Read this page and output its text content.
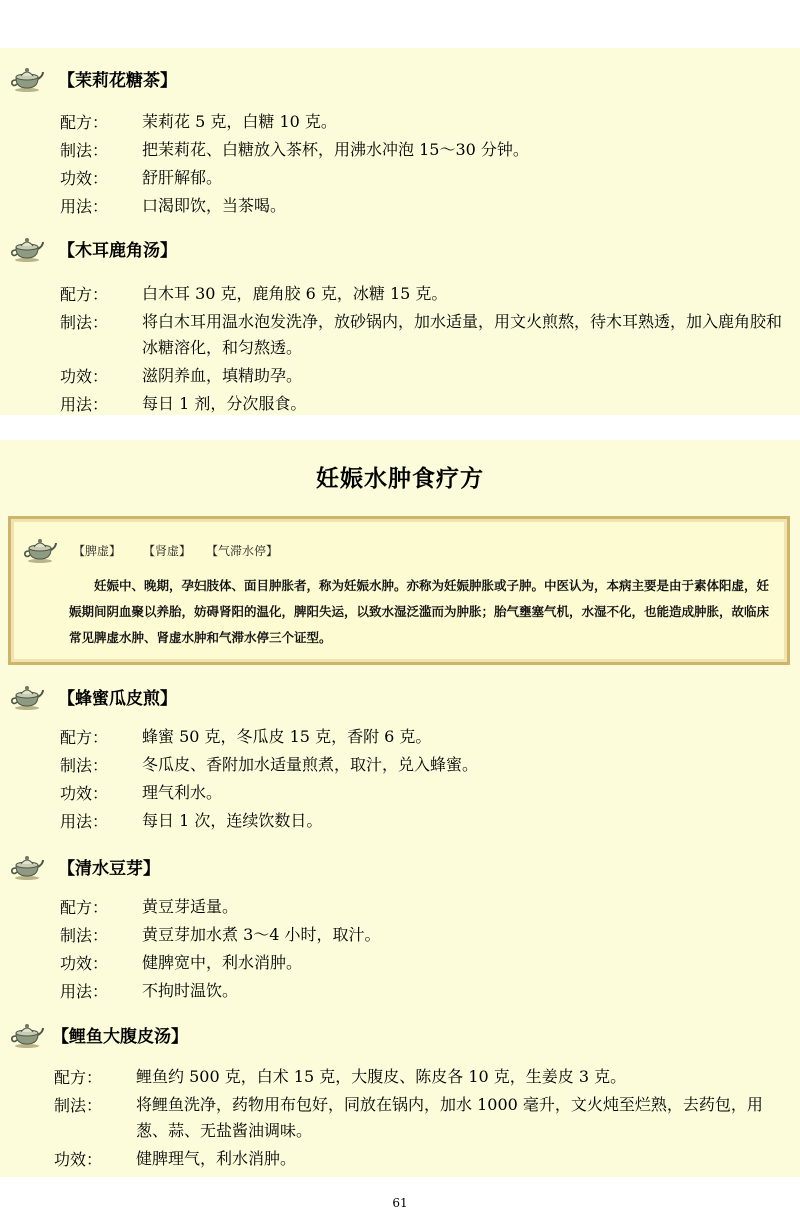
【茉莉花糖茶】
配方： 茉莉花 5 克，白糖 10 克。
制法： 把茉莉花、白糖放入茶杯，用沸水冲泡 15～30 分钟。
功效： 舒肝解郁。
用法： 口渴即饮，当茶喝。
【木耳鹿角汤】
配方： 白木耳 30 克，鹿角胶 6 克，冰糖 15 克。
制法： 将白木耳用温水泡发洗净，放砂锅内，加水适量，用文火煎熬，待木耳熟透，加入鹿角胶和冰糖溶化，和匀熬透。
功效： 滋阴养血，填精助孕。
用法： 每日 1 剂，分次服食。
妊娠水肿食疗方
【脾虚】 【肾虚】 【气滞水停】
妊娠中、晚期，孕妇肢体、面目肿胀者，称为妊娠水肿。亦称为妊娠肿胀或子肿。中医认为，本病主要是由于素体阳虚，妊娠期间阴血聚以养胎，妨碍肾阳的温化，脾阳失运，以致水湿泛滥而为肿胀；胎气壅塞气机，水湿不化，也能造成肿胀，故临床常见脾虚水肿、肾虚水肿和气滞水停三个证型。
【蜂蜜瓜皮煎】
配方： 蜂蜜 50 克，冬瓜皮 15 克，香附 6 克。
制法： 冬瓜皮、香附加水适量煎煮，取汁，兑入蜂蜜。
功效： 理气利水。
用法： 每日 1 次，连续饮数日。
【清水豆芽】
配方： 黄豆芽适量。
制法： 黄豆芽加水煮 3～4 小时，取汁。
功效： 健脾宽中，利水消肿。
用法： 不拘时温饮。
【鲤鱼大腹皮汤】
配方： 鲤鱼约 500 克，白术 15 克，大腹皮、陈皮各 10 克，生姜皮 3 克。
制法： 将鲤鱼洗净，药物用布包好，同放在锅内，加水 1000 毫升，文火炖至烂熟，去药包，用葱、蒜、无盐酱油调味。
功效： 健脾理气，利水消肿。
61
